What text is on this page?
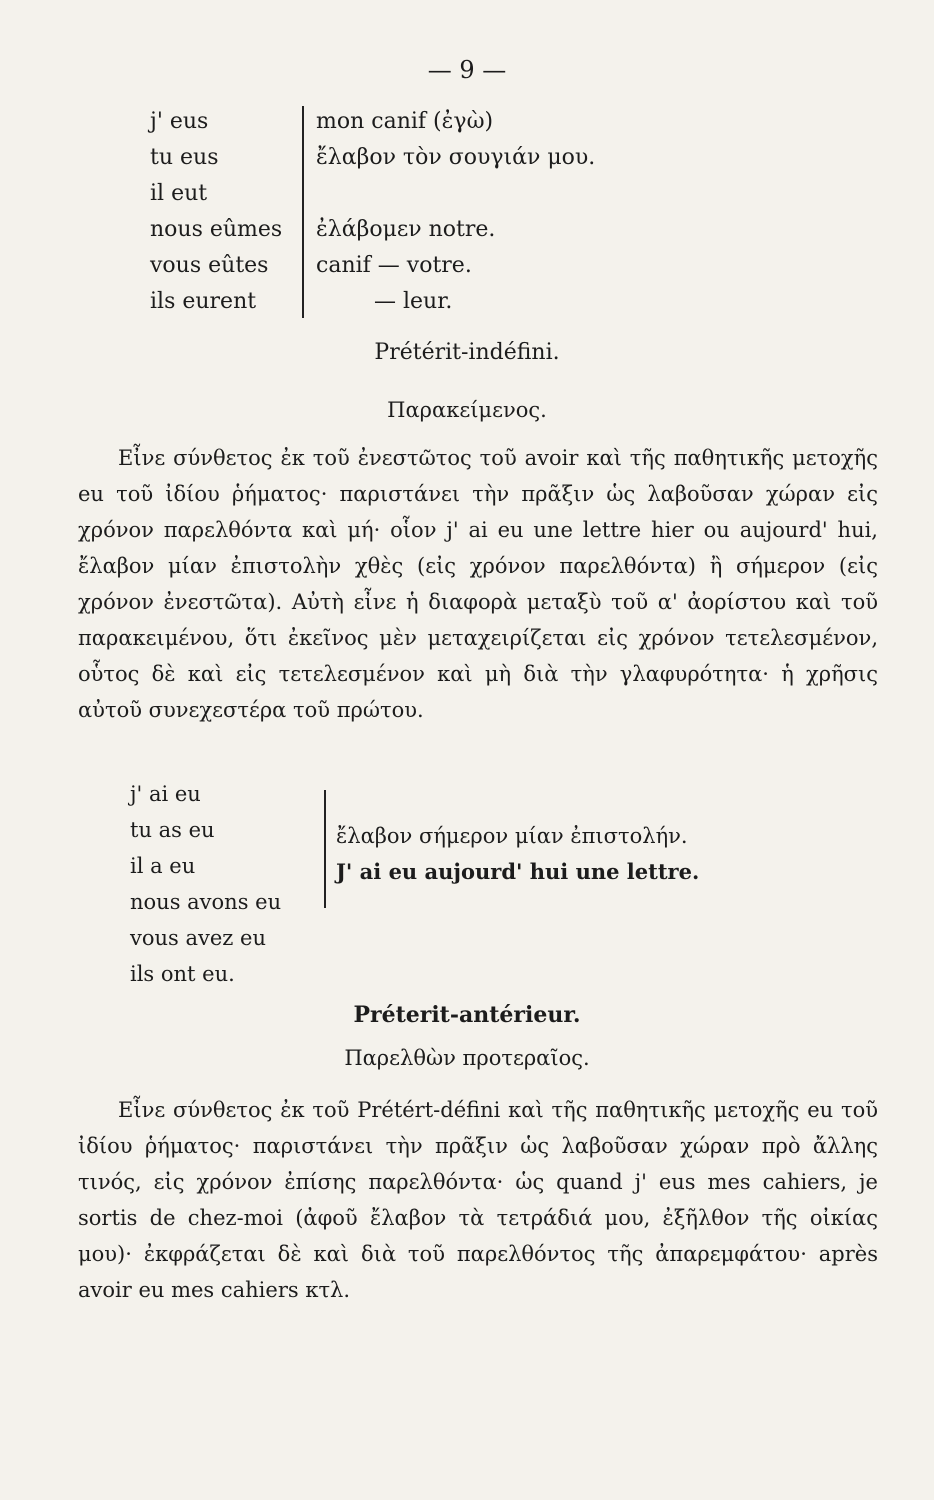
— 9 —
j' eus
tu eus
il eut
nous eûmes
vous eûtes
ils eurent
mon canif (ἐγὼ)
ἔλαβον τὸν σουγιάν μου.
ἐλάβομεν notre.
canif — votre.
— leur.
Prétérit-indéfini.
Παρακείμενος.

Εἶνε σύνθετος ἐκ τοῦ ἐνεστῶτος τοῦ avoir καὶ τῆς παθητικῆς μετοχῆς eu τοῦ ἰδίου ῥήματος· παριστάνει τὴν πρᾶξιν ὡς λαβοῦσαν χώραν εἰς χρόνον παρελθόντα καὶ μή· οἷον j' ai eu une lettre hier ou aujourd' hui, ἔλαβον μίαν ἐπιστολὴν χθὲς (εἰς χρόνον παρελθόντα) ἢ σήμερον (εἰς χρόνον ἐνεστῶτα). Αὐτὴ εἶνε ἡ διαφορὰ μεταξὺ τοῦ α' ἀορίστου καὶ τοῦ παρακειμένου, ὅτι ἐκεῖνος μὲν μεταχειρίζεται εἰς χρόνον τετελεσμένον, οὗτος δὲ καὶ εἰς τετελεσμένον καὶ μὴ διὰ τὴν γλαφυρότητα· ἡ χρῆσις αὐτοῦ συνεχεστέρα τοῦ πρώτου.

j' ai eu
tu as eu
il a eu
nous avons eu
vous avez eu
ils ont eu.
ἔλαβον σήμερον μίαν ἐπιστολήν.
J' ai eu aujourd' hui une lettre.
Préterit-antérieur.
Παρελθὼν προτεραῖος.

Εἶνε σύνθετος ἐκ τοῦ Prétért-défini καὶ τῆς παθητικῆς μετοχῆς eu τοῦ ἰδίου ῥήματος· παριστάνει τὴν πρᾶξιν ὡς λαβοῦσαν χώραν πρὸ ἄλλης τινός, εἰς χρόνον ἐπίσης παρελθόντα· ὡς quand j' eus mes cahiers, je sortis de chez-moi (ἀφοῦ ἔλαβον τὰ τετράδιά μου, ἐξῆλθον τῆς οἰκίας μου)· ἐκφράζεται δὲ καὶ διὰ τοῦ παρελθόντος τῆς ἀπαρεμφάτου· après avoir eu mes cahiers κτλ.
